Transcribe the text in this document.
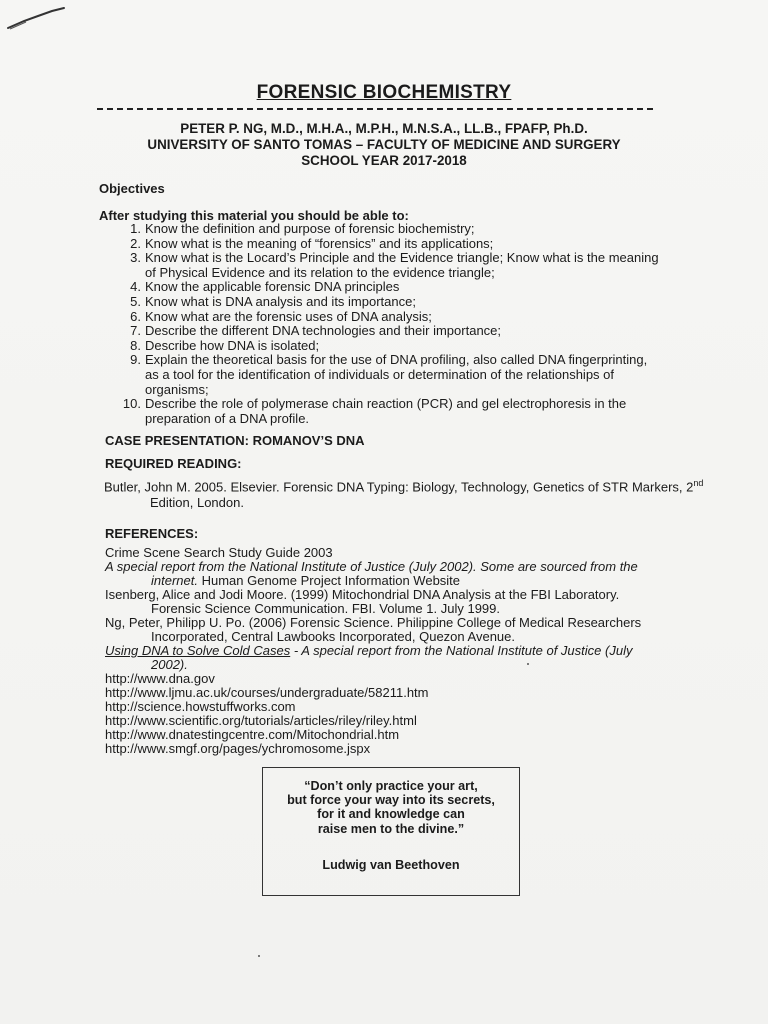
FORENSIC BIOCHEMISTRY
PETER P. NG, M.D., M.H.A., M.P.H., M.N.S.A., LL.B., FPAFP, Ph.D.
UNIVERSITY OF SANTO TOMAS – FACULTY OF MEDICINE AND SURGERY
SCHOOL YEAR 2017-2018
Objectives
After studying this material you should be able to:
1. Know the definition and purpose of forensic biochemistry;
2. Know what is the meaning of “forensics” and its applications;
3. Know what is the Locard’s Principle and the Evidence triangle; Know what is the meaning of Physical Evidence and its relation to the evidence triangle;
4. Know the applicable forensic DNA principles
5. Know what is DNA analysis and its importance;
6. Know what are the forensic uses of DNA analysis;
7. Describe the different DNA technologies and their importance;
8. Describe how DNA is isolated;
9. Explain the theoretical basis for the use of DNA profiling, also called DNA fingerprinting, as a tool for the identification of individuals or determination of the relationships of organisms;
10. Describe the role of polymerase chain reaction (PCR) and gel electrophoresis in the preparation of a DNA profile.
CASE PRESENTATION: ROMANOV’S DNA
REQUIRED READING:
Butler, John M. 2005. Elsevier. Forensic DNA Typing: Biology, Technology, Genetics of STR Markers, 2nd Edition, London.
REFERENCES:
Crime Scene Search Study Guide 2003
A special report from the National Institute of Justice (July 2002). Some are sourced from the internet. Human Genome Project Information Website
Isenberg, Alice and Jodi Moore. (1999) Mitochondrial DNA Analysis at the FBI Laboratory. Forensic Science Communication. FBI. Volume 1. July 1999.
Ng, Peter, Philipp U. Po. (2006) Forensic Science. Philippine College of Medical Researchers Incorporated, Central Lawbooks Incorporated, Quezon Avenue.
Using DNA to Solve Cold Cases - A special report from the National Institute of Justice (July 2002).
http://www.dna.gov
http://www.ljmu.ac.uk/courses/undergraduate/58211.htm
http://science.howstuffworks.com
http://www.scientific.org/tutorials/articles/riley/riley.html
http://www.dnatestingcentre.com/Mitochondrial.htm
http://www.smgf.org/pages/ychromosome.jspx
“Don’t only practice your art,
but force your way into its secrets,
for it and knowledge can
raise men to the divine.”
Ludwig van Beethoven
